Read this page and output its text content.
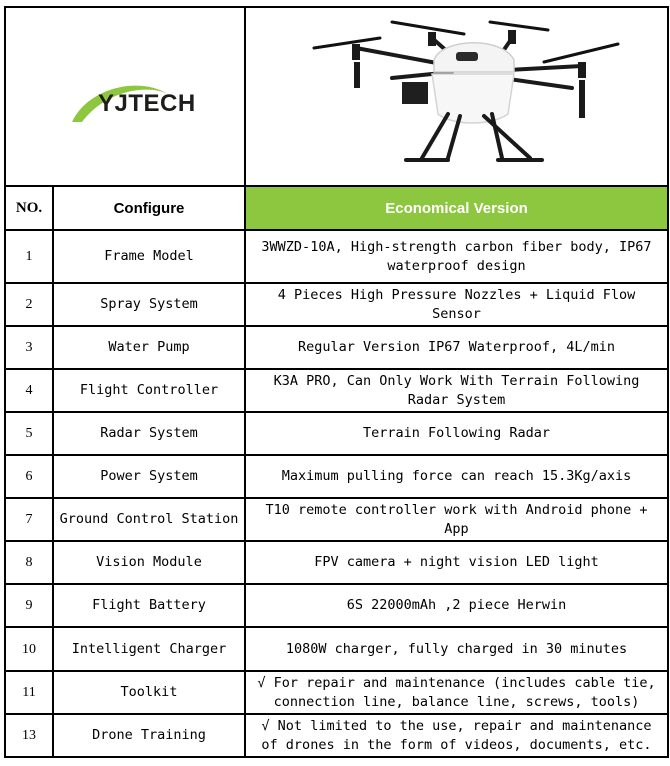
YJTECH

NO.	Configure	Economical Version
1	Frame Model	3WWZD-10A, High-strength carbon fiber body, IP67 waterproof design
2	Spray System	4 Pieces High Pressure Nozzles + Liquid Flow Sensor
3	Water Pump	Regular Version IP67 Waterproof, 4L/min
4	Flight Controller	K3A PRO, Can Only Work With Terrain Following Radar System
5	Radar System	Terrain Following Radar
6	Power System	Maximum pulling force can reach 15.3Kg/axis
7	Ground Control Station	T10 remote controller work with Android phone + App
8	Vision Module	FPV camera + night vision LED light
9	Flight Battery	6S 22000mAh ,2 piece Herwin
10	Intelligent Charger	1080W charger, fully charged in 30 minutes
11	Toolkit	√ For repair and maintenance (includes cable tie, connection line, balance line, screws, tools)
13	Drone Training	√ Not limited to the use, repair and maintenance of drones in the form of videos, documents, etc.
